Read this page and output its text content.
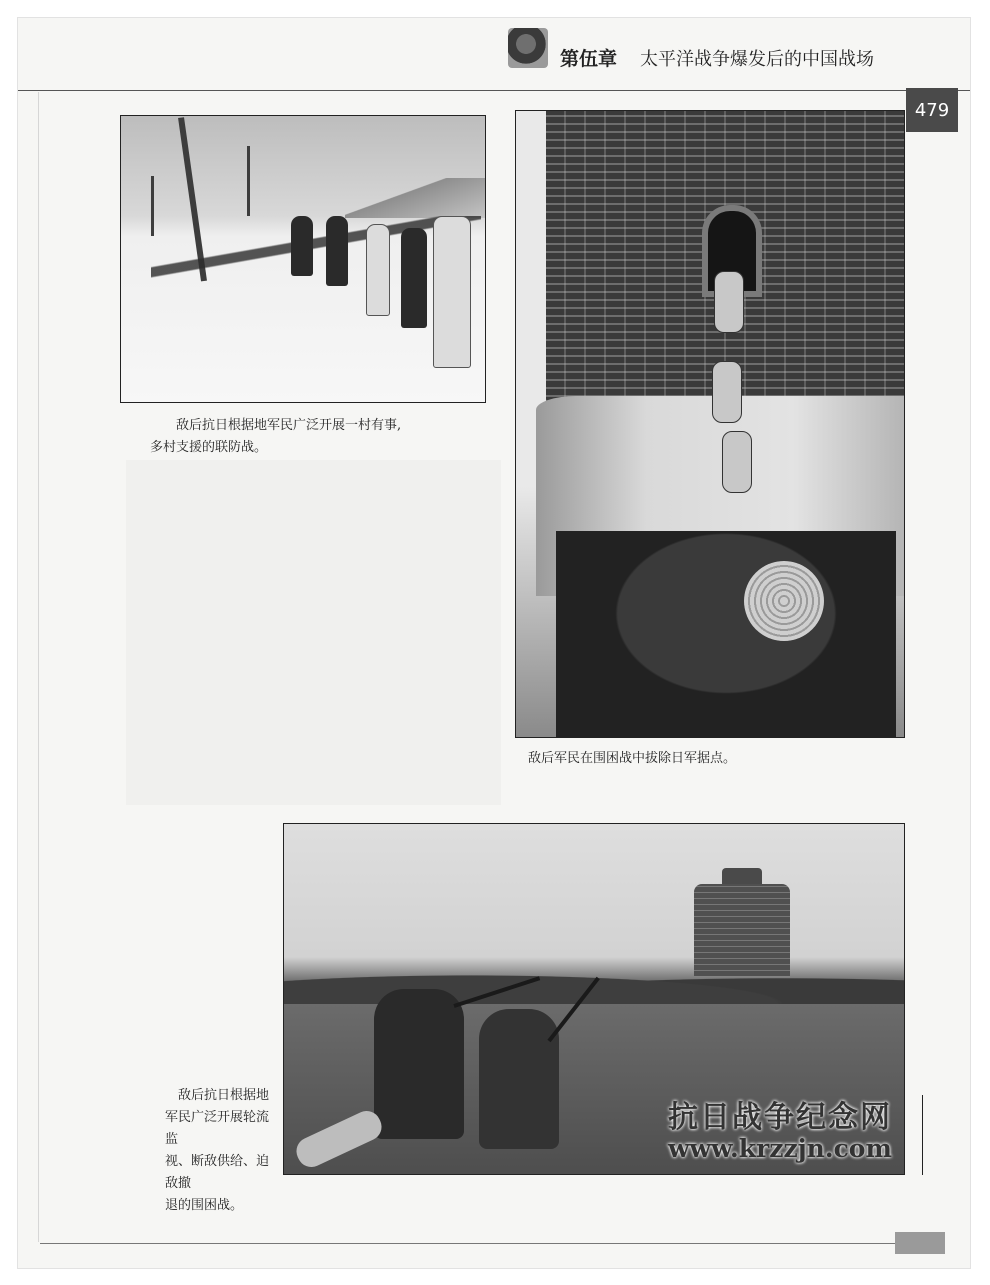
第伍章 太平洋战争爆发后的中国战场
479
敌后抗日根据地军民广泛开展一村有事,
多村支援的联防战。
敌后军民在围困战中拔除日军据点。
敌后抗日根据地
军民广泛开展轮流监
视、断敌供给、迫敌撤
退的围困战。
抗日战争纪念网
www.krzzjn.com
